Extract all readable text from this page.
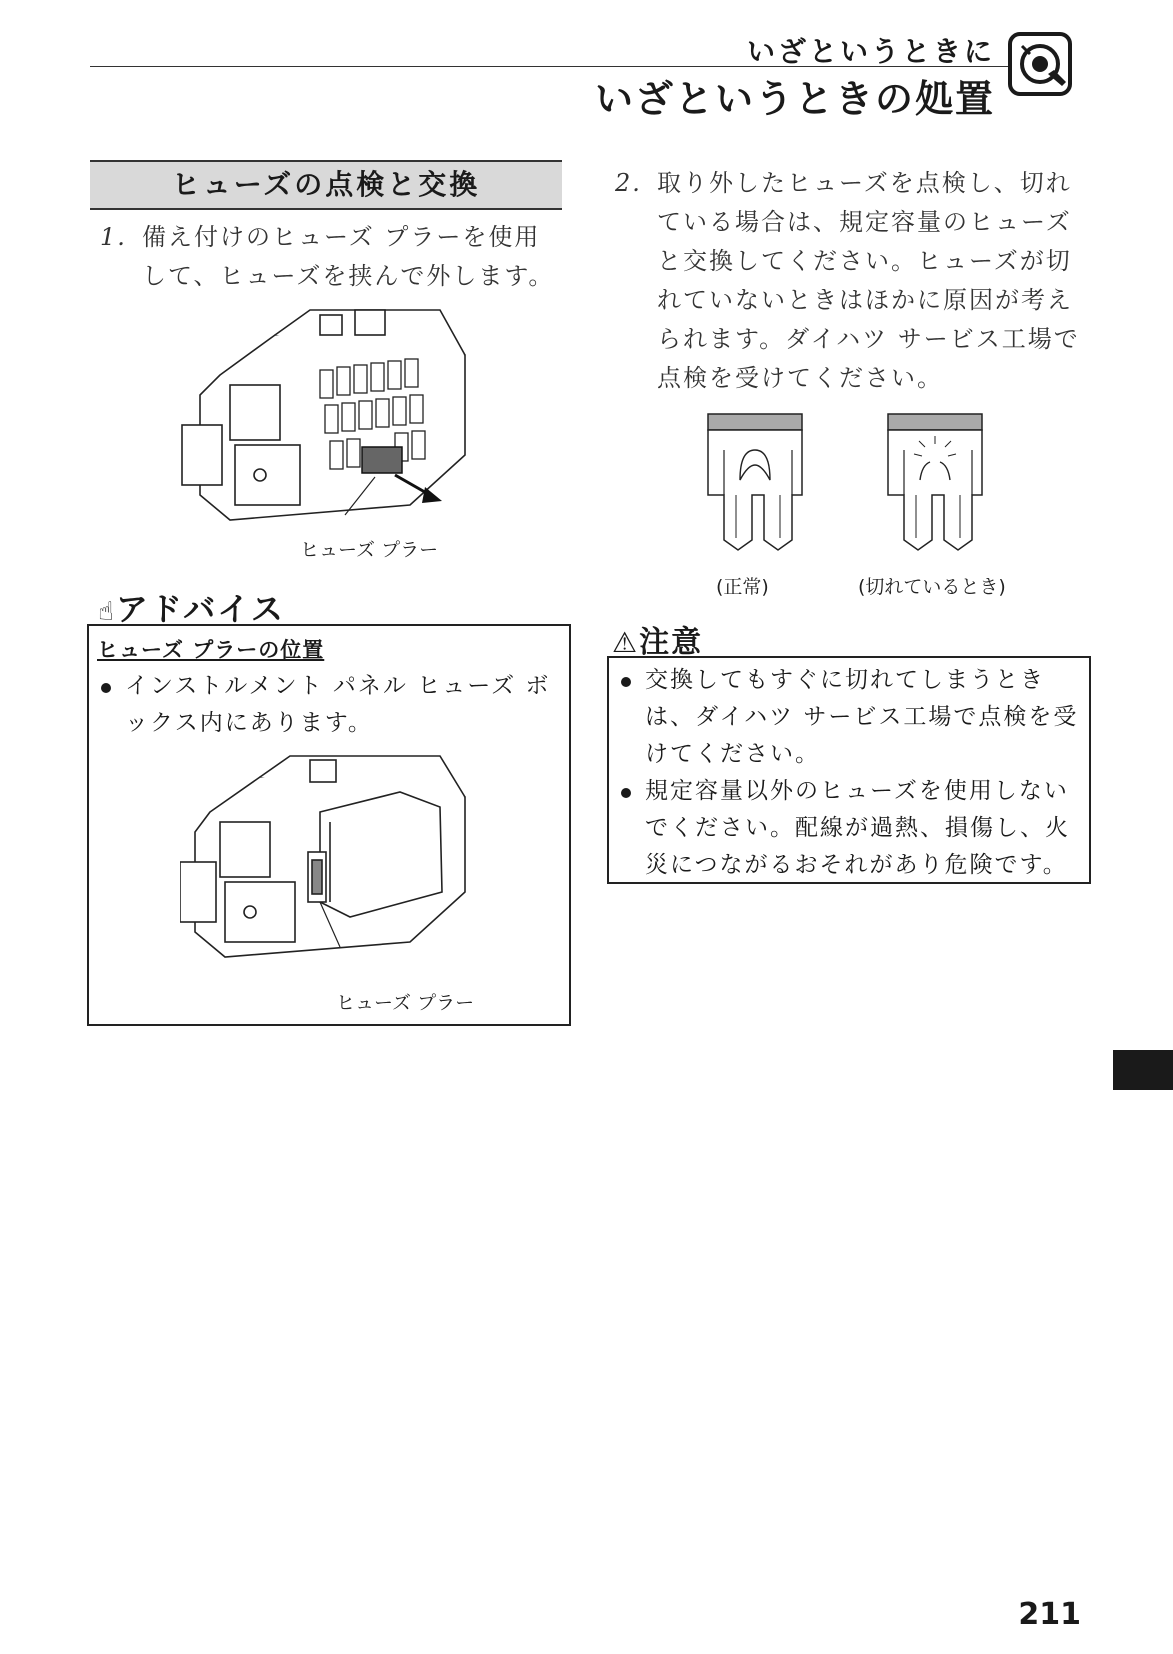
いざというときに
いざというときの処置
ヒューズの点検と交換
1. 備え付けのヒューズ プラーを使用して、ヒューズを挟んで外します。
ヒューズ プラー
☝アドバイス
ヒューズ プラーの位置
インストルメント パネル ヒューズ ボックス内にあります。
ヒューズ プラー
2. 取り外したヒューズを点検し、切れている場合は、規定容量のヒューズと交換してください。ヒューズが切れていないときはほかに原因が考えられます。ダイハツ サービス工場で点検を受けてください。
(正常)	(切れているとき)
⚠注意
交換してもすぐに切れてしまうときは、ダイハツ サービス工場で点検を受けてください。
規定容量以外のヒューズを使用しないでください。配線が過熱、損傷し、火災につながるおそれがあり危険です。
211
